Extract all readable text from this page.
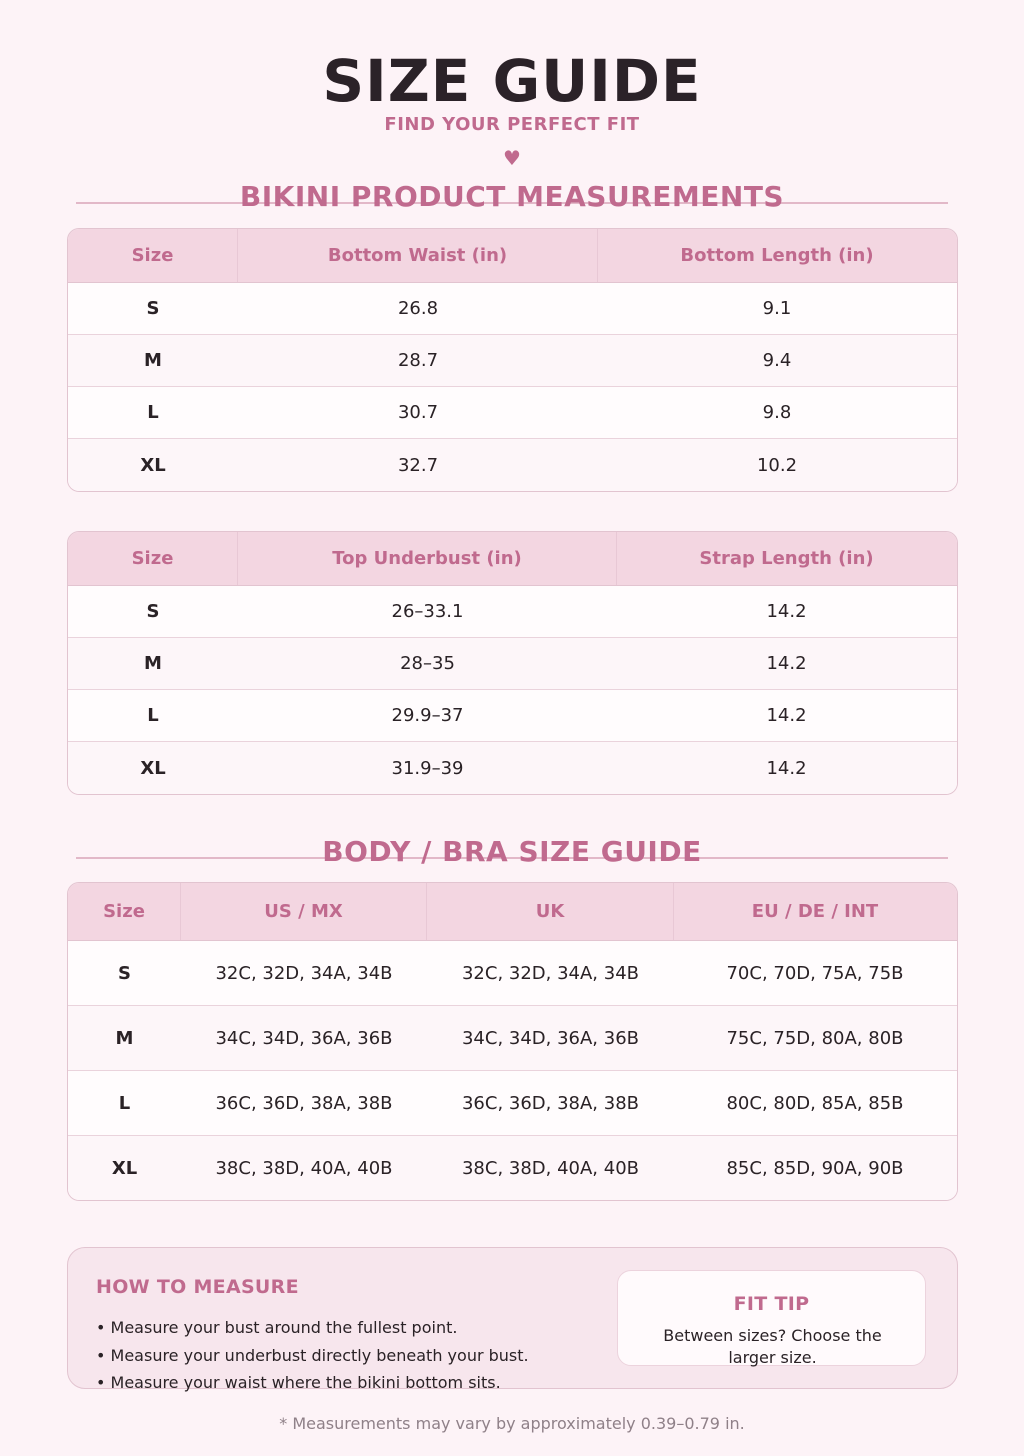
SIZE GUIDE
FIND YOUR PERFECT FIT
♥
BIKINI PRODUCT MEASUREMENTS
Size	Bottom Waist (in)	Bottom Length (in)
S	26.8	9.1
M	28.7	9.4
L	30.7	9.8
XL	32.7	10.2
Size	Top Underbust (in)	Strap Length (in)
S	26–33.1	14.2
M	28–35	14.2
L	29.9–37	14.2
XL	31.9–39	14.2
BODY / BRA SIZE GUIDE
Size	US / MX	UK	EU / DE / INT
S	32C, 32D, 34A, 34B	32C, 32D, 34A, 34B	70C, 70D, 75A, 75B
M	34C, 34D, 36A, 36B	34C, 34D, 36A, 36B	75C, 75D, 80A, 80B
L	36C, 36D, 38A, 38B	36C, 36D, 38A, 38B	80C, 80D, 85A, 85B
XL	38C, 38D, 40A, 40B	38C, 38D, 40A, 40B	85C, 85D, 90A, 90B
HOW TO MEASURE
• Measure your bust around the fullest point.
• Measure your underbust directly beneath your bust.
• Measure your waist where the bikini bottom sits.
FIT TIP
Between sizes? Choose the larger size.
* Measurements may vary by approximately 0.39–0.79 in.
